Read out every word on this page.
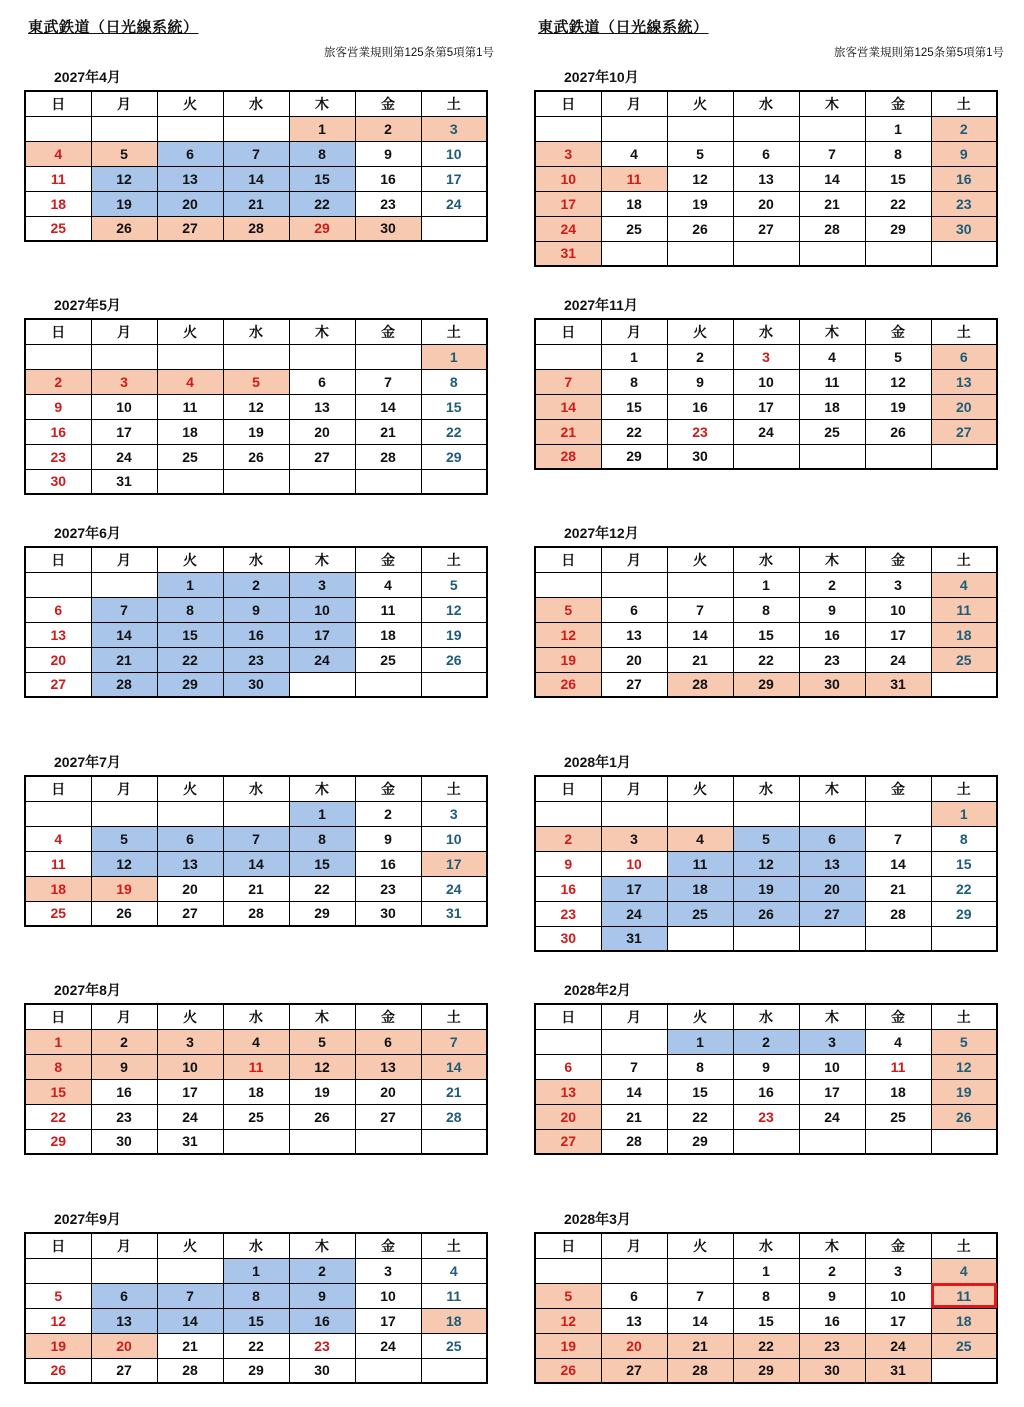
東武鉄道（日光線系統）
旅客営業規則第125条第5項第1号
東武鉄道（日光線系統）
旅客営業規則第125条第5項第1号
2027年4月
日	月	火	水	木	金	土
				1	2	3
4	5	6	7	8	9	10
11	12	13	14	15	16	17
18	19	20	21	22	23	24
25	26	27	28	29	30	
2027年10月
日	月	火	水	木	金	土
					1	2
3	4	5	6	7	8	9
10	11	12	13	14	15	16
17	18	19	20	21	22	23
24	25	26	27	28	29	30
31						
2027年5月
日	月	火	水	木	金	土
						1
2	3	4	5	6	7	8
9	10	11	12	13	14	15
16	17	18	19	20	21	22
23	24	25	26	27	28	29
30	31					
2027年11月
日	月	火	水	木	金	土
	1	2	3	4	5	6
7	8	9	10	11	12	13
14	15	16	17	18	19	20
21	22	23	24	25	26	27
28	29	30				
2027年6月
日	月	火	水	木	金	土
		1	2	3	4	5
6	7	8	9	10	11	12
13	14	15	16	17	18	19
20	21	22	23	24	25	26
27	28	29	30			
2027年12月
日	月	火	水	木	金	土
			1	2	3	4
5	6	7	8	9	10	11
12	13	14	15	16	17	18
19	20	21	22	23	24	25
26	27	28	29	30	31	
2027年7月
日	月	火	水	木	金	土
				1	2	3
4	5	6	7	8	9	10
11	12	13	14	15	16	17
18	19	20	21	22	23	24
25	26	27	28	29	30	31
2028年1月
日	月	火	水	木	金	土
						1
2	3	4	5	6	7	8
9	10	11	12	13	14	15
16	17	18	19	20	21	22
23	24	25	26	27	28	29
30	31					
2027年8月
日	月	火	水	木	金	土
1	2	3	4	5	6	7
8	9	10	11	12	13	14
15	16	17	18	19	20	21
22	23	24	25	26	27	28
29	30	31				
2028年2月
日	月	火	水	木	金	土
		1	2	3	4	5
6	7	8	9	10	11	12
13	14	15	16	17	18	19
20	21	22	23	24	25	26
27	28	29				
2027年9月
日	月	火	水	木	金	土
			1	2	3	4
5	6	7	8	9	10	11
12	13	14	15	16	17	18
19	20	21	22	23	24	25
26	27	28	29	30		
2028年3月
日	月	火	水	木	金	土
			1	2	3	4
5	6	7	8	9	10	11
12	13	14	15	16	17	18
19	20	21	22	23	24	25
26	27	28	29	30	31	
